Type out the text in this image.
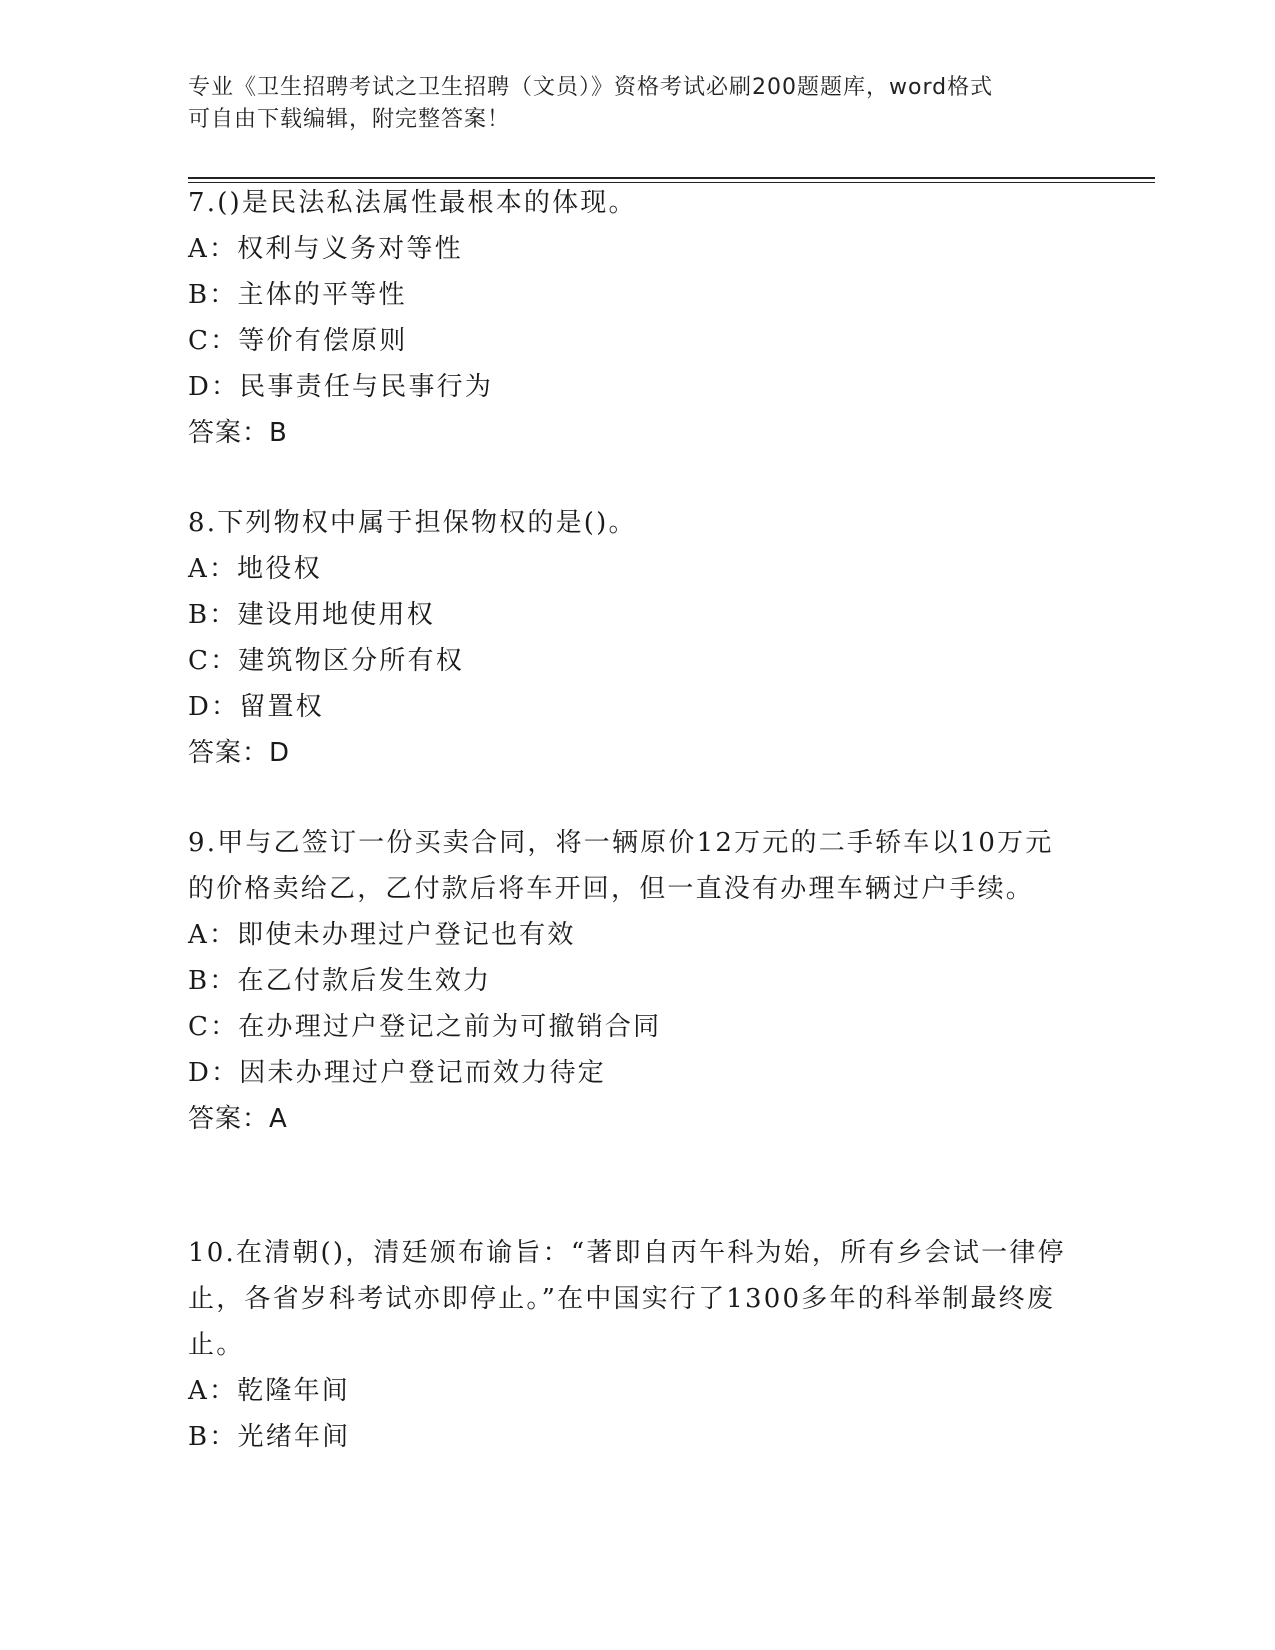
专业《卫生招聘考试之卫生招聘（文员）》资格考试必刷200题题库，word格式
可自由下载编辑，附完整答案！
7.()是民法私法属性最根本的体现。
A：权利与义务对等性
B：主体的平等性
C：等价有偿原则
D：民事责任与民事行为
答案：B
8.下列物权中属于担保物权的是()。
A：地役权
B：建设用地使用权
C：建筑物区分所有权
D：留置权
答案：D
9.甲与乙签订一份买卖合同，将一辆原价12万元的二手轿车以10万元的价格卖给乙，乙付款后将车开回，但一直没有办理车辆过户手续。
A：即使未办理过户登记也有效
B：在乙付款后发生效力
C：在办理过户登记之前为可撤销合同
D：因未办理过户登记而效力待定
答案：A
10.在清朝()，清廷颁布谕旨：“著即自丙午科为始，所有乡会试一律停止，各省岁科考试亦即停止。”在中国实行了1300多年的科举制最终废止。
A：乾隆年间
B：光绪年间
